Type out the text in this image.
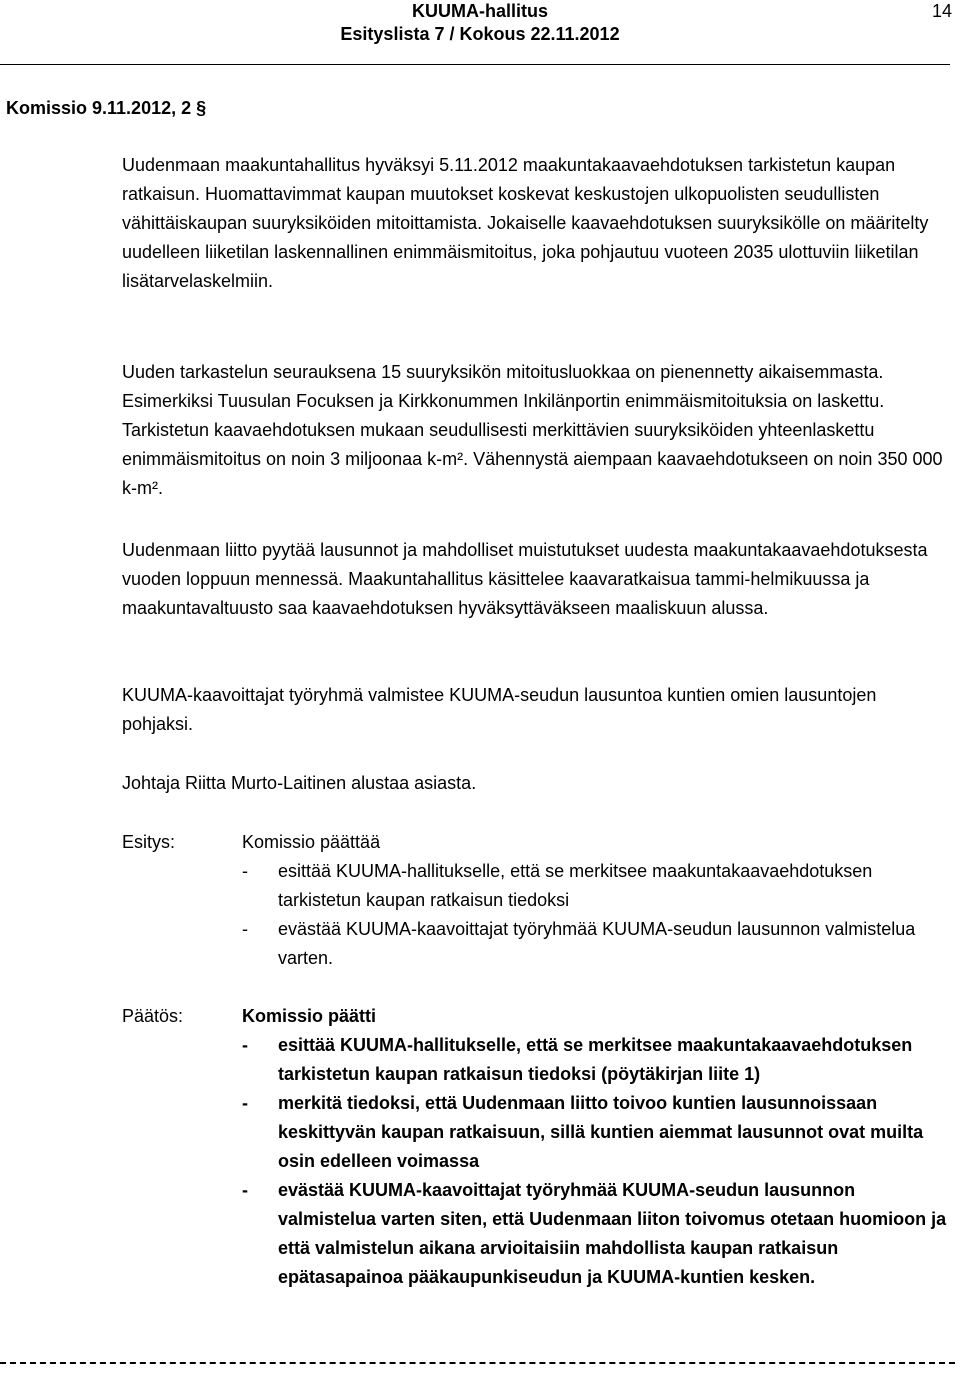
KUUMA-hallitus
Esityslista 7 / Kokous 22.11.2012
14
Komissio 9.11.2012, 2 §

Uudenmaan maakuntahallitus hyväksyi 5.11.2012 maakuntakaavaehdotuksen tarkistetun kaupan ratkaisun. Huomattavimmat kaupan muutokset koskevat keskustojen ulkopuolisten seudullisten vähittäiskaupan suuryksiköiden mitoittamista. Jokaiselle kaavaehdotuksen suuryksikölle on määritelty uudelleen liiketilan laskennallinen enimmäismitoitus, joka pohjautuu vuoteen 2035 ulottuviin liiketilan lisätarvelaskelmiin.

Uuden tarkastelun seurauksena 15 suuryksikön mitoitusluokkaa on pienennetty aikaisemmasta. Esimerkiksi Tuusulan Focuksen ja Kirkkonummen Inkilänportin enimmäismitoituksia on laskettu. Tarkistetun kaavaehdotuksen mukaan seudullisesti merkittävien suuryksiköiden yhteenlaskettu enimmäismitoitus on noin 3 miljoonaa k-m². Vähennystä aiempaan kaavaehdotukseen on noin 350 000 k-m².

Uudenmaan liitto pyytää lausunnot ja mahdolliset muistutukset uudesta maakuntakaavaehdotuksesta vuoden loppuun mennessä. Maakuntahallitus käsittelee kaavaratkaisua tammi-helmikuussa ja maakuntavaltuusto saa kaavaehdotuksen hyväksyttäväkseen maaliskuun alussa.

KUUMA-kaavoittajat työryhmä valmistee KUUMA-seudun lausuntoa kuntien omien lausuntojen pohjaksi.

Johtaja Riitta Murto-Laitinen alustaa asiasta.

Esitys:	Komissio päättää
- esittää KUUMA-hallitukselle, että se merkitsee maakuntakaavaehdotuksen tarkistetun kaupan ratkaisun tiedoksi
- evästää KUUMA-kaavoittajat työryhmää KUUMA-seudun lausunnon valmistelua varten.
Päätös:	Komissio päätti
- esittää KUUMA-hallitukselle, että se merkitsee maakuntakaavaehdotuksen tarkistetun kaupan ratkaisun tiedoksi (pöytäkirjan liite 1)
- merkitä tiedoksi, että Uudenmaan liitto toivoo kuntien lausunnoissaan keskittyvän kaupan ratkaisuun, sillä kuntien aiemmat lausunnot ovat muilta osin edelleen voimassa
- evästää KUUMA-kaavoittajat työryhmää KUUMA-seudun lausunnon valmistelua varten siten, että Uudenmaan liiton toivomus otetaan huomioon ja että valmistelun aikana arvioitaisiin mahdollista kaupan ratkaisun epätasapainoa pääkaupunkiseudun ja KUUMA-kuntien kesken.
